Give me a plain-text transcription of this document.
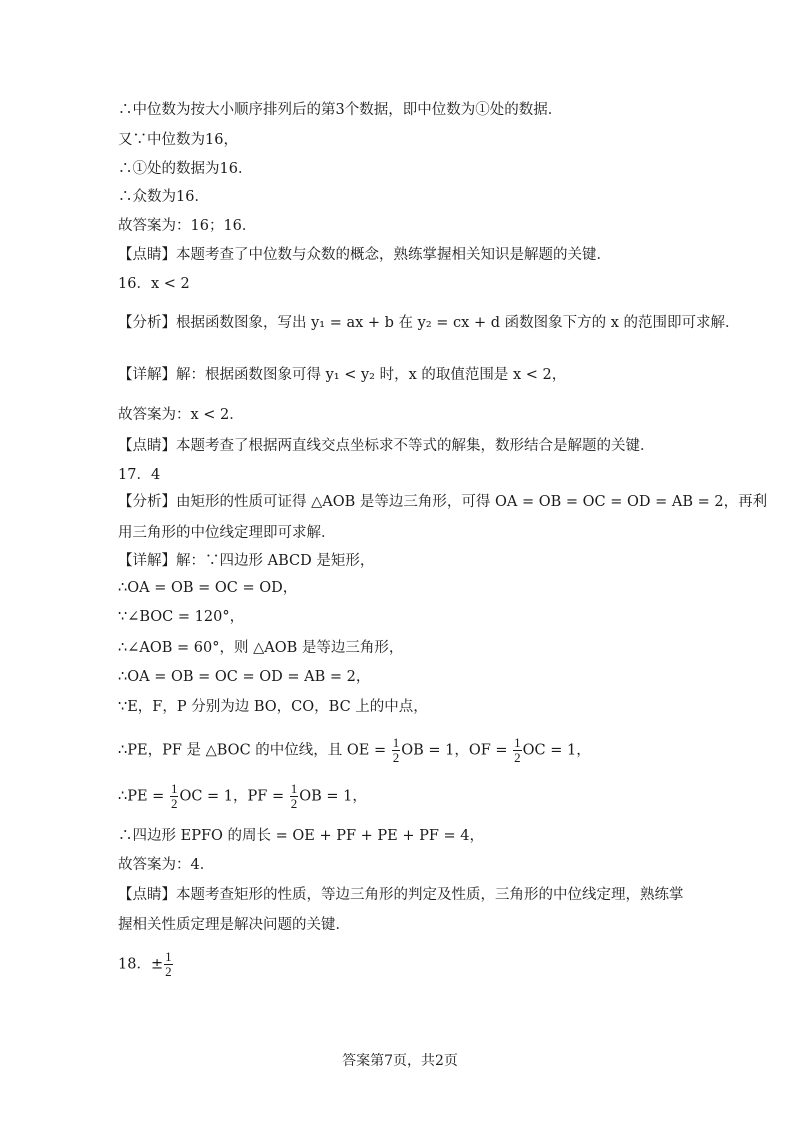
∴中位数为按大小顺序排列后的第3个数据，即中位数为①处的数据．
又∵中位数为16，
∴①处的数据为16．
∴众数为16．
故答案为：16；16．
【点睛】本题考查了中位数与众数的概念，熟练掌握相关知识是解题的关键．
16．x < 2
【分析】根据函数图象，写出 y₁ = ax + b 在 y₂ = cx + d 函数图象下方的 x 的范围即可求解．
【详解】解：根据函数图象可得 y₁ < y₂ 时，x 的取值范围是 x < 2，
故答案为：x < 2．
【点睛】本题考查了根据两直线交点坐标求不等式的解集，数形结合是解题的关键．
17．4
【分析】由矩形的性质可证得 △AOB 是等边三角形，可得 OA = OB = OC = OD = AB = 2，再利
用三角形的中位线定理即可求解．
【详解】解：∵四边形 ABCD 是矩形，
∴OA = OB = OC = OD，
∵∠BOC = 120°，
∴∠AOB = 60°，则 △AOB 是等边三角形，
∴OA = OB = OC = OD = AB = 2，
∵E，F，P 分别为边 BO，CO，BC 上的中点，
∴PE，PF 是 △BOC 的中位线，且 OE = $\frac{1}{2}$ OB = 1，OF = $\frac{1}{2}$ OC = 1，
∴PE = $\frac{1}{2}$ OC = 1，PF = $\frac{1}{2}$ OB = 1，
∴四边形 EPFO 的周长 = OE + PF + PE + PF = 4，
故答案为：4．
【点睛】本题考查矩形的性质，等边三角形的判定及性质，三角形的中位线定理，熟练掌
握相关性质定理是解决问题的关键．
18．± $\frac{1}{2}$
答案第7页，共2页
